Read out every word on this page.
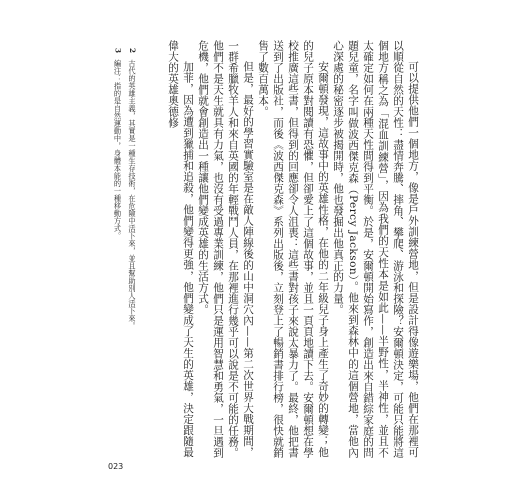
可以提供他們一個地方，像是戶外訓練營地，但是設計得像遊樂場，他們在那裡可以順從自然的天性：盡情奔騰、摔角、攀爬、游泳和探險？安爾頓決定，可能只能將這個地方稱之為「混血訓練營」，因為我們的天性本是如此——半野性，半神性，並且不太確定如何在兩種天性間得到平衡。於是，安爾頓開始寫作，創造出來自錯綜家庭的問題兒童，名字叫做波西傑克森（Percy Jackson）。他來到森林中的這個營地，當他內心深處的秘密逐步被揭開時，他也發掘出他真正的力量。

安爾頓發現，這故事中的英雄性格，在他的二年級兒子身上產生了奇妙的轉變；他的兒子原本對閱讀有恐懼，但卻愛上了這個故事，並且一頁頁地讀下去。安爾頓想在學校推廣這些書，但得到的回應卻令人沮喪：這些書對孩子來說太暴力了。最終，他把書送到了出版社，而後《波西傑克森》系列出版後，立刻登上了暢銷書排行榜，很快就銷售了數百萬本。

但是，最好的學習實驗室是在敵人陣線後的山中洞穴內——第二次世界大戰期間，一群希臘牧羊人和來自英國的年輕戰鬥人員，在那裡進行幾乎可以說是不可能的任務。他們不是天生就具有力氣，也沒有受過專業訓練，他們只是運用智慧和勇氣，一旦遇到危機，他們就會創造出一種讓他們變成英雄的生活方式。

加菲，因為遭到獵捕和追殺，他們變得更強，他們變成了天生的英雄，決定跟隨最偉大的英雄奧德修

2 古代的英雄主義，其實是一種生存技術，在危險中活下來，並且幫助別人活下來。

3 編注：指的是自然運動中，身體本能的一種移動方式。

023
